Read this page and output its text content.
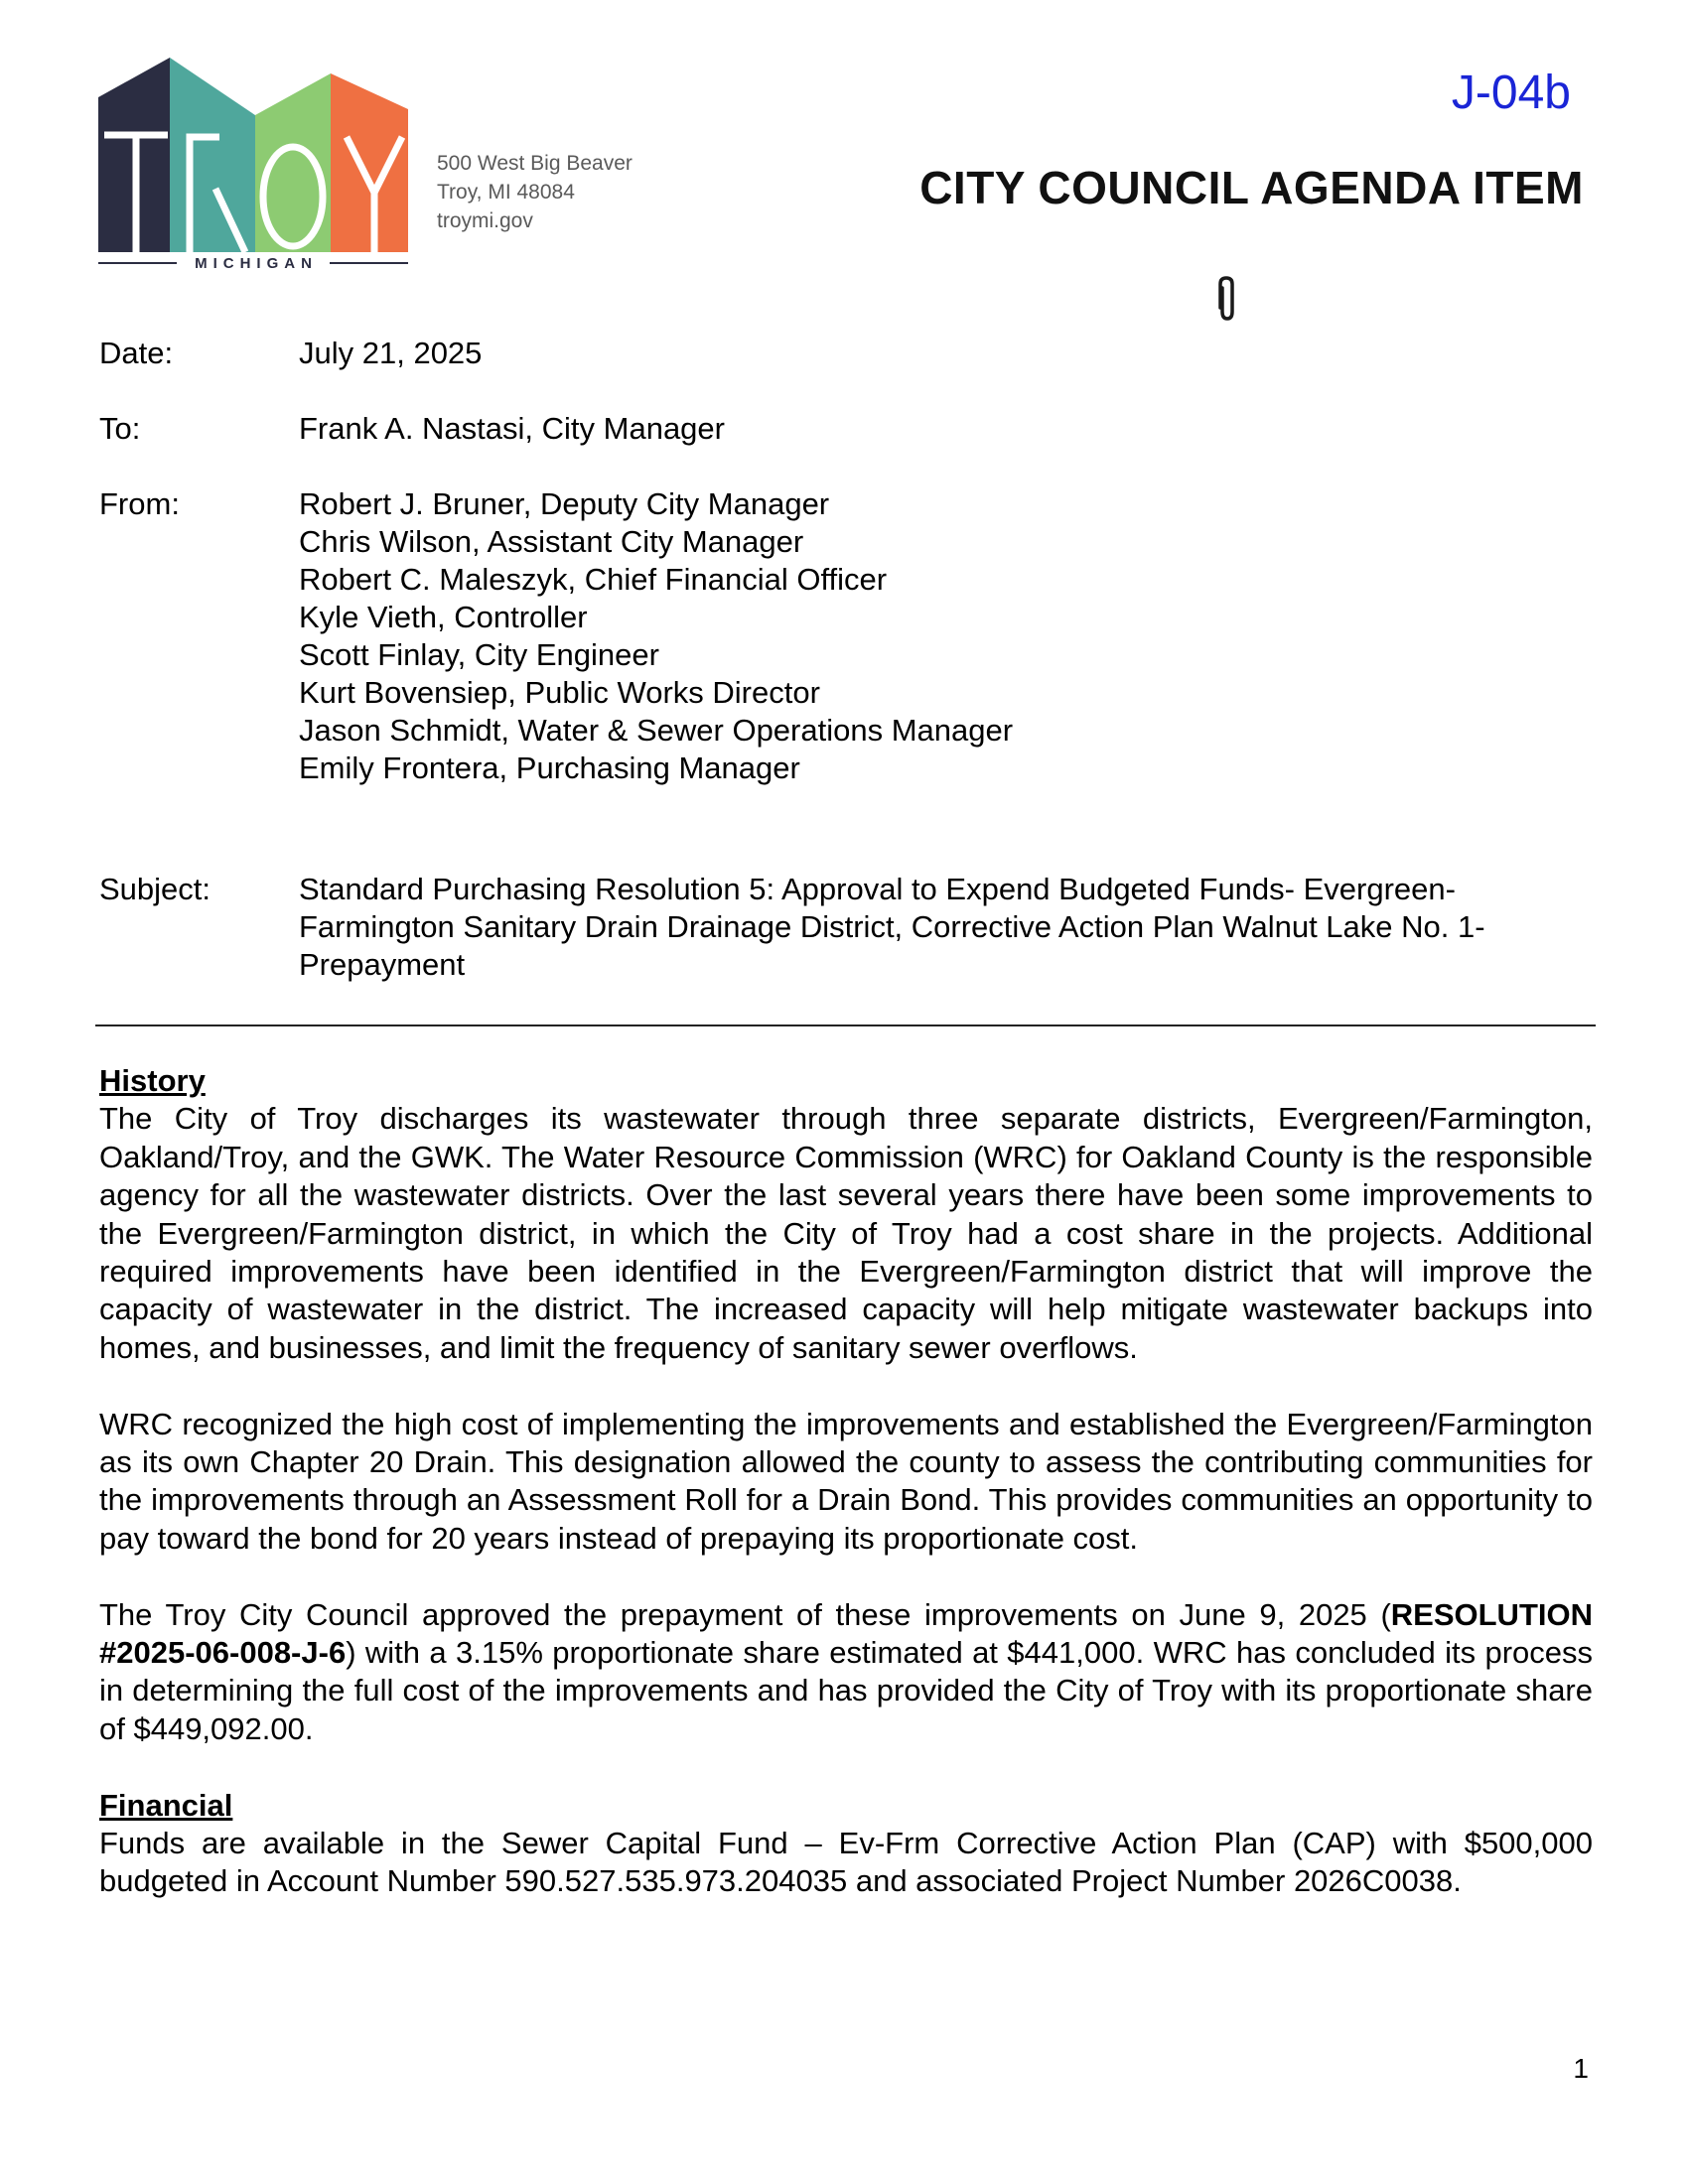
MICHIGAN
500 West Big Beaver
Troy, MI 48084
troymi.gov
J-04b
CITY COUNCIL AGENDA ITEM
Date:	July 21, 2025
To:	Frank A. Nastasi, City Manager
From:	Robert J. Bruner, Deputy City Manager
Chris Wilson, Assistant City Manager
Robert C. Maleszyk, Chief Financial Officer
Kyle Vieth, Controller
Scott Finlay, City Engineer
Kurt Bovensiep, Public Works Director
Jason Schmidt, Water & Sewer Operations Manager
Emily Frontera, Purchasing Manager
Subject:	Standard Purchasing Resolution 5: Approval to Expend Budgeted Funds- Evergreen-Farmington Sanitary Drain Drainage District, Corrective Action Plan Walnut Lake No. 1-Prepayment
History
The City of Troy discharges its wastewater through three separate districts, Evergreen/Farmington, Oakland/Troy, and the GWK. The Water Resource Commission (WRC) for Oakland County is the responsible agency for all the wastewater districts. Over the last several years there have been some improvements to the Evergreen/Farmington district, in which the City of Troy had a cost share in the projects. Additional required improvements have been identified in the Evergreen/Farmington district that will improve the capacity of wastewater in the district. The increased capacity will help mitigate wastewater backups into homes, and businesses, and limit the frequency of sanitary sewer overflows.
WRC recognized the high cost of implementing the improvements and established the Evergreen/Farmington as its own Chapter 20 Drain. This designation allowed the county to assess the contributing communities for the improvements through an Assessment Roll for a Drain Bond. This provides communities an opportunity to pay toward the bond for 20 years instead of prepaying its proportionate cost.
The Troy City Council approved the prepayment of these improvements on June 9, 2025 (RESOLUTION #2025-06-008-J-6) with a 3.15% proportionate share estimated at $441,000. WRC has concluded its process in determining the full cost of the improvements and has provided the City of Troy with its proportionate share of $449,092.00.
Financial
Funds are available in the Sewer Capital Fund – Ev-Frm Corrective Action Plan (CAP) with $500,000 budgeted in Account Number 590.527.535.973.204035 and associated Project Number 2026C0038.
1
